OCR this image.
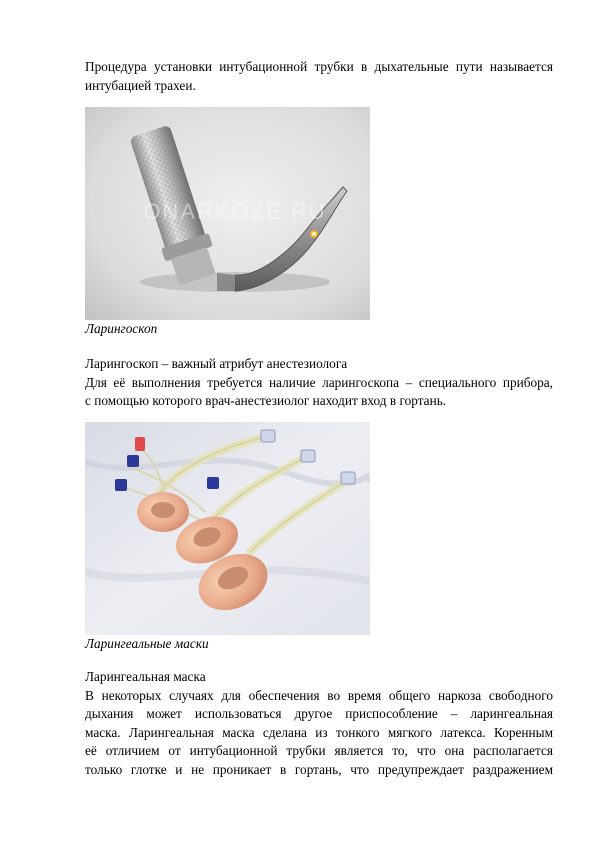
Процедура установки интубационной трубки в дыхательные пути называется
интубацией трахеи.
ONARKOZE.RU

Ларингоскоп

Ларингоскоп – важный атрибут анестезиолога
Для её выполнения требуется наличие ларингоскопа – специального прибора,
с помощью которого врач-анестезиолог находит вход в гортань.

Ларингеальные маски

Ларингеальная маска
В некоторых случаях для обеспечения во время общего наркоза свободного
дыхания может использоваться другое приспособление – ларингеальная
маска. Ларингеальная маска сделана из тонкого мягкого латекса. Коренным
её отличием от интубационной трубки является то, что она располагается
только глотке и не проникает в гортань, что предупреждает раздражением
